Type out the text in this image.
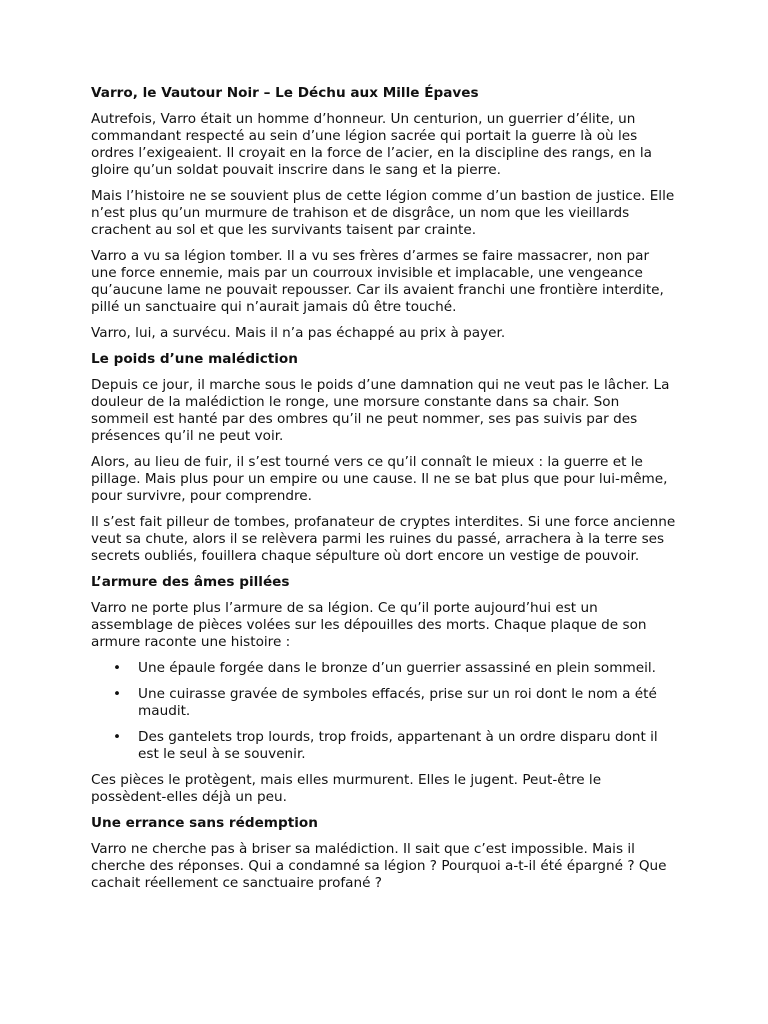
Varro, le Vautour Noir – Le Déchu aux Mille Épaves

Autrefois, Varro était un homme d’honneur. Un centurion, un guerrier d’élite, un commandant respecté au sein d’une légion sacrée qui portait la guerre là où les ordres l’exigeaient. Il croyait en la force de l’acier, en la discipline des rangs, en la gloire qu’un soldat pouvait inscrire dans le sang et la pierre.

Mais l’histoire ne se souvient plus de cette légion comme d’un bastion de justice. Elle n’est plus qu’un murmure de trahison et de disgrâce, un nom que les vieillards crachent au sol et que les survivants taisent par crainte.

Varro a vu sa légion tomber. Il a vu ses frères d’armes se faire massacrer, non par une force ennemie, mais par un courroux invisible et implacable, une vengeance qu’aucune lame ne pouvait repousser. Car ils avaient franchi une frontière interdite, pillé un sanctuaire qui n’aurait jamais dû être touché.

Varro, lui, a survécu. Mais il n’a pas échappé au prix à payer.

Le poids d’une malédiction

Depuis ce jour, il marche sous le poids d’une damnation qui ne veut pas le lâcher. La douleur de la malédiction le ronge, une morsure constante dans sa chair. Son sommeil est hanté par des ombres qu’il ne peut nommer, ses pas suivis par des présences qu’il ne peut voir.

Alors, au lieu de fuir, il s’est tourné vers ce qu’il connaît le mieux : la guerre et le pillage. Mais plus pour un empire ou une cause. Il ne se bat plus que pour lui-même, pour survivre, pour comprendre.

Il s’est fait pilleur de tombes, profanateur de cryptes interdites. Si une force ancienne veut sa chute, alors il se relèvera parmi les ruines du passé, arrachera à la terre ses secrets oubliés, fouillera chaque sépulture où dort encore un vestige de pouvoir.

L’armure des âmes pillées

Varro ne porte plus l’armure de sa légion. Ce qu’il porte aujourd’hui est un assemblage de pièces volées sur les dépouilles des morts. Chaque plaque de son armure raconte une histoire :

• Une épaule forgée dans le bronze d’un guerrier assassiné en plein sommeil.
• Une cuirasse gravée de symboles effacés, prise sur un roi dont le nom a été maudit.
• Des gantelets trop lourds, trop froids, appartenant à un ordre disparu dont il est le seul à se souvenir.

Ces pièces le protègent, mais elles murmurent. Elles le jugent. Peut-être le possèdent-elles déjà un peu.

Une errance sans rédemption

Varro ne cherche pas à briser sa malédiction. Il sait que c’est impossible. Mais il cherche des réponses. Qui a condamné sa légion ? Pourquoi a-t-il été épargné ? Que cachait réellement ce sanctuaire profané ?
